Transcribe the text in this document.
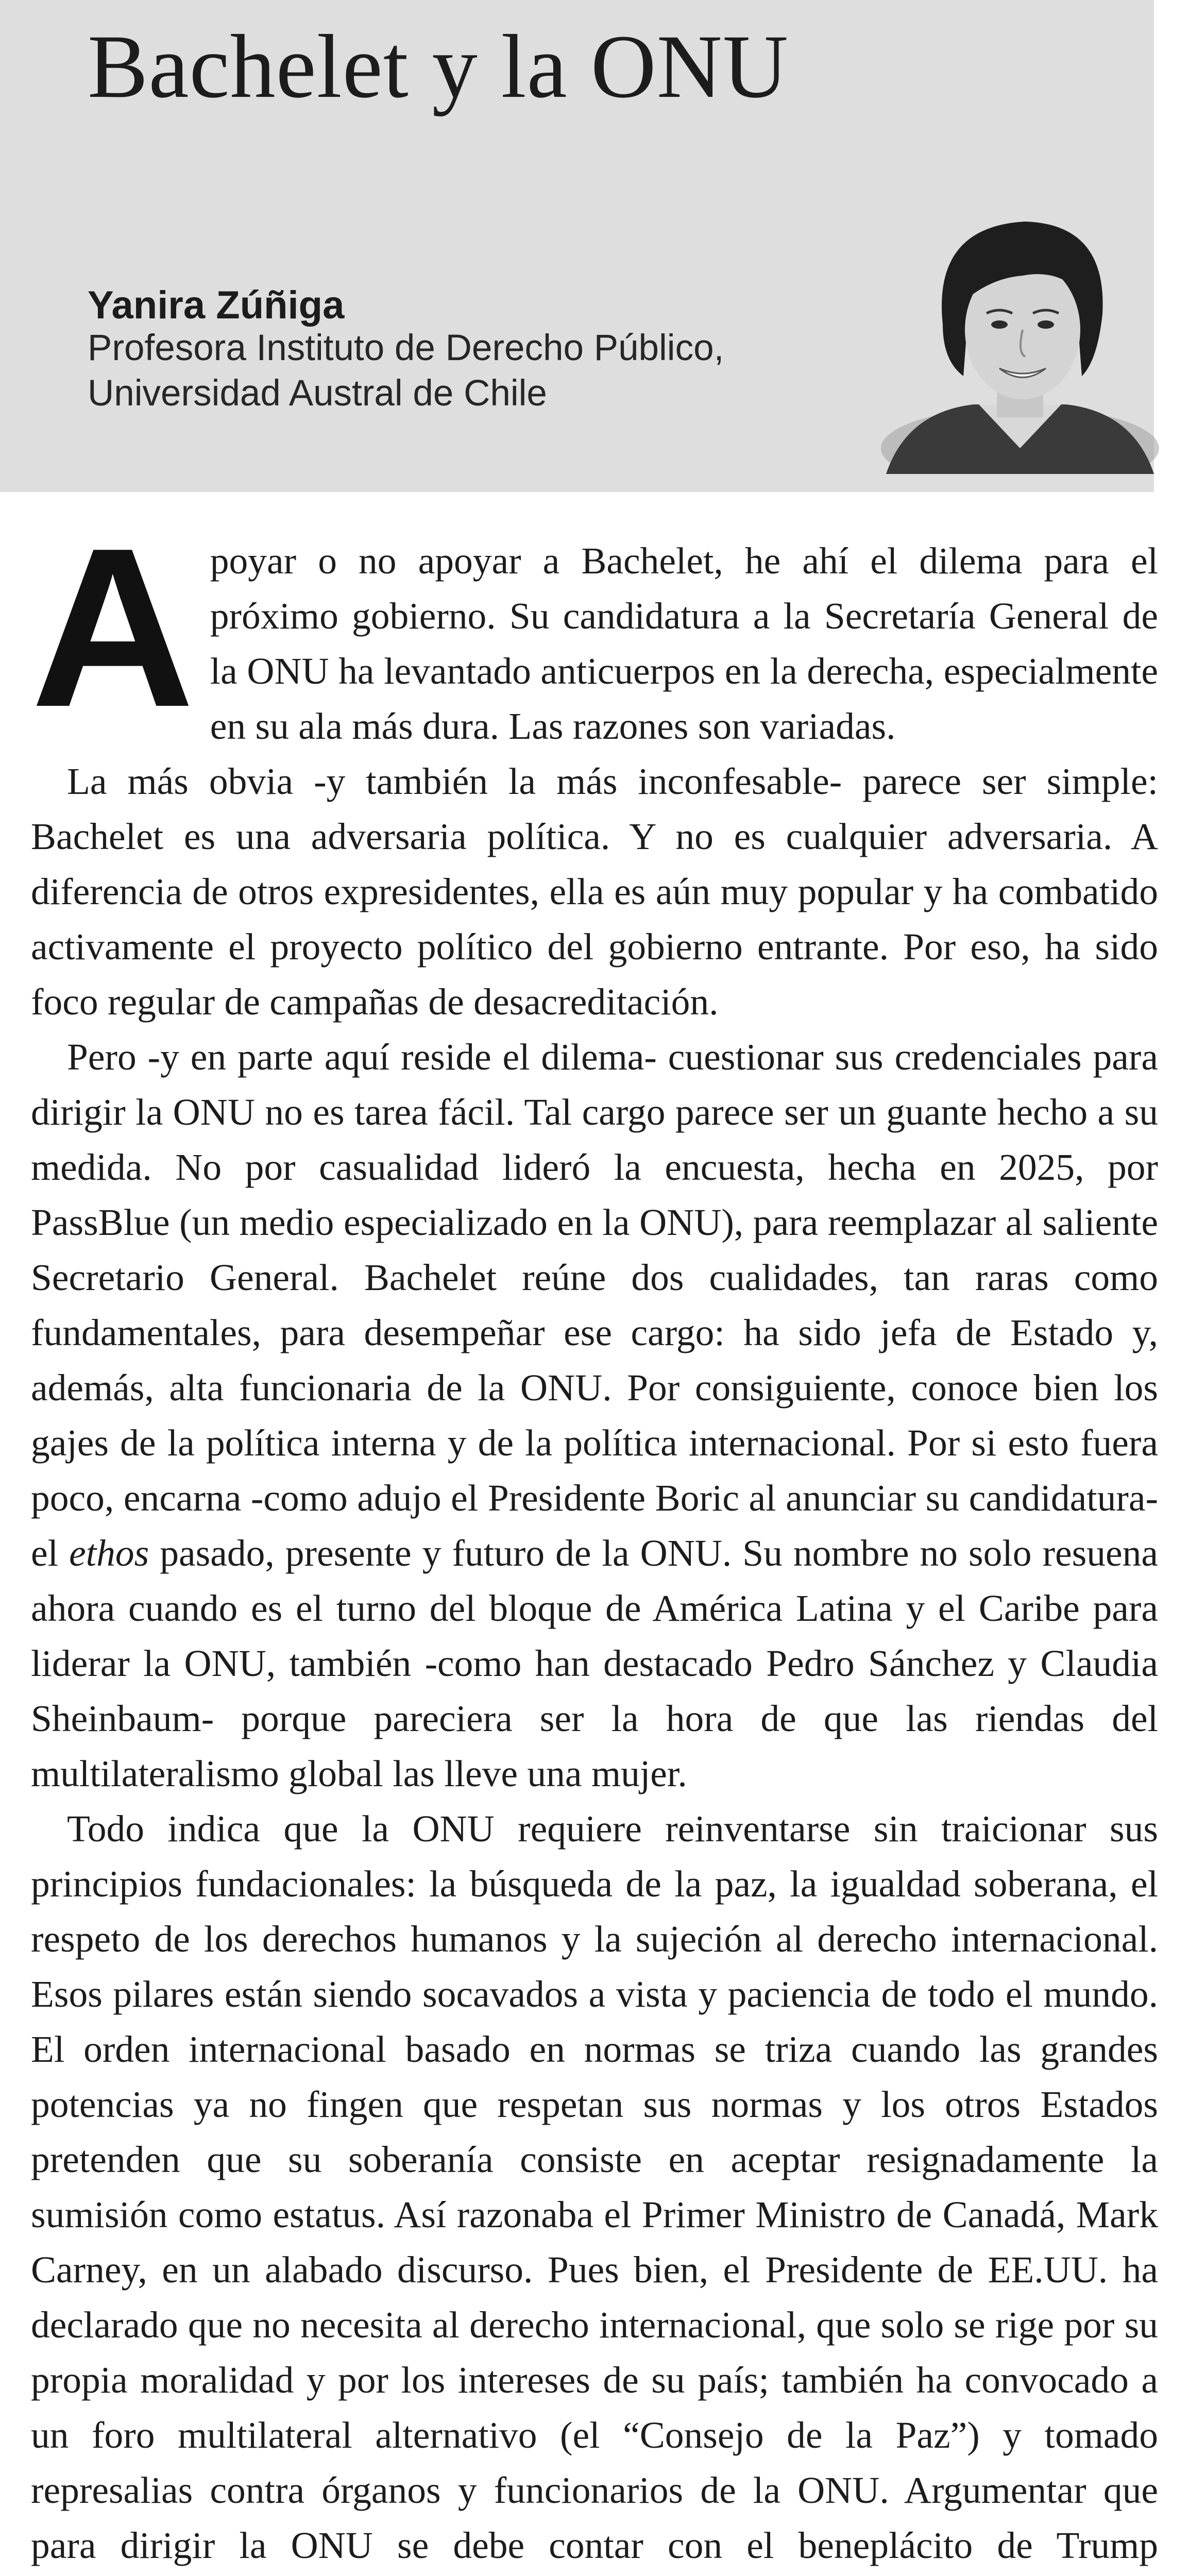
Bachelet y la ONU
Yanira Zúñiga
Profesora Instituto de Derecho Público,
Universidad Austral de Chile

Apoyar o no apoyar a Bachelet, he ahí el dilema para el próximo gobierno. Su candidatura a la Secretaría General de la ONU ha levantado anticuerpos en la derecha, especialmente en su ala más dura. Las razones son variadas.
La más obvia -y también la más inconfesable- parece ser simple: Bachelet es una adversaria política. Y no es cualquier adversaria. A diferencia de otros expresidentes, ella es aún muy popular y ha combatido activamente el proyecto político del gobierno entrante. Por eso, ha sido foco regular de campañas de desacreditación.

Pero -y en parte aquí reside el dilema- cuestionar sus credenciales para dirigir la ONU no es tarea fácil. Tal cargo parece ser un guante hecho a su medida. No por casualidad lideró la encuesta, hecha en 2025, por PassBlue (un medio especializado en la ONU), para reemplazar al saliente Secretario General. Bachelet reúne dos cualidades, tan raras como fundamentales, para desempeñar ese cargo: ha sido jefa de Estado y, además, alta funcionaria de la ONU. Por consiguiente, conoce bien los gajes de la política interna y de la política internacional. Por si esto fuera poco, encarna -como adujo el Presidente Boric al anunciar su candidatura- el ethos pasado, presente y futuro de la ONU. Su nombre no solo resuena ahora cuando es el turno del bloque de América Latina y el Caribe para liderar la ONU, también -como han destacado Pedro Sánchez y Claudia Sheinbaum- porque pareciera ser la hora de que las riendas del multilateralismo global las lleve una mujer.

Todo indica que la ONU requiere reinventarse sin traicionar sus principios fundacionales: la búsqueda de la paz, la igualdad soberana, el respeto de los derechos humanos y la sujeción al derecho internacional. Esos pilares están siendo socavados a vista y paciencia de todo el mundo. El orden internacional basado en normas se triza cuando las grandes potencias ya no fingen que respetan sus normas y los otros Estados pretenden que su soberanía consiste en aceptar resignadamente la sumisión como estatus. Así razonaba el Primer Ministro de Canadá, Mark Carney, en un alabado discurso. Pues bien, el Presidente de EE.UU. ha declarado que no necesita al derecho internacional, que solo se rige por su propia moralidad y por los intereses de su país; también ha convocado a un foro multilateral alternativo (el “Consejo de la Paz”) y tomado represalias contra órganos y funcionarios de la ONU. Argumentar que para dirigir la ONU se debe contar con el beneplácito de Trump
